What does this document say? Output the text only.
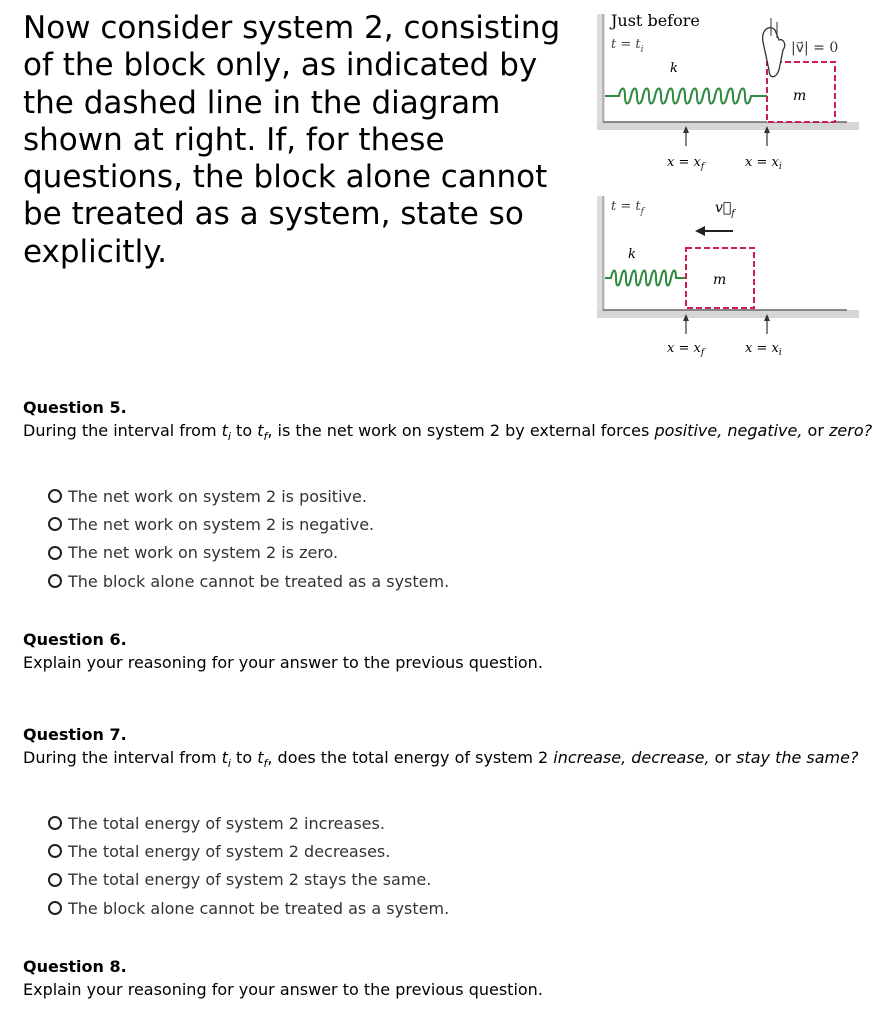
Now consider system 2, consisting of the block only, as indicated by the dashed line in the diagram shown at right. If, for these questions, the block alone cannot be treated as a system, state so explicitly.

Just before
$t = t_i$	|v⃗| = 0
k
m
$x = x_f$	$x = x_i$
$t = t_f$	$v⃗_f$
k
m
$x = x_f$	$x = x_i$
Question 5.
During the interval from $t_i$ to $t_f$, is the net work on system 2 by external forces positive, negative, or zero?
The net work on system 2 is positive.
The net work on system 2 is negative.
The net work on system 2 is zero.
The block alone cannot be treated as a system.
Question 6.
Explain your reasoning for your answer to the previous question.
Question 7.
During the interval from $t_i$ to $t_f$, does the total energy of system 2 increase, decrease, or stay the same?
The total energy of system 2 increases.
The total energy of system 2 decreases.
The total energy of system 2 stays the same.
The block alone cannot be treated as a system.
Question 8.
Explain your reasoning for your answer to the previous question.
